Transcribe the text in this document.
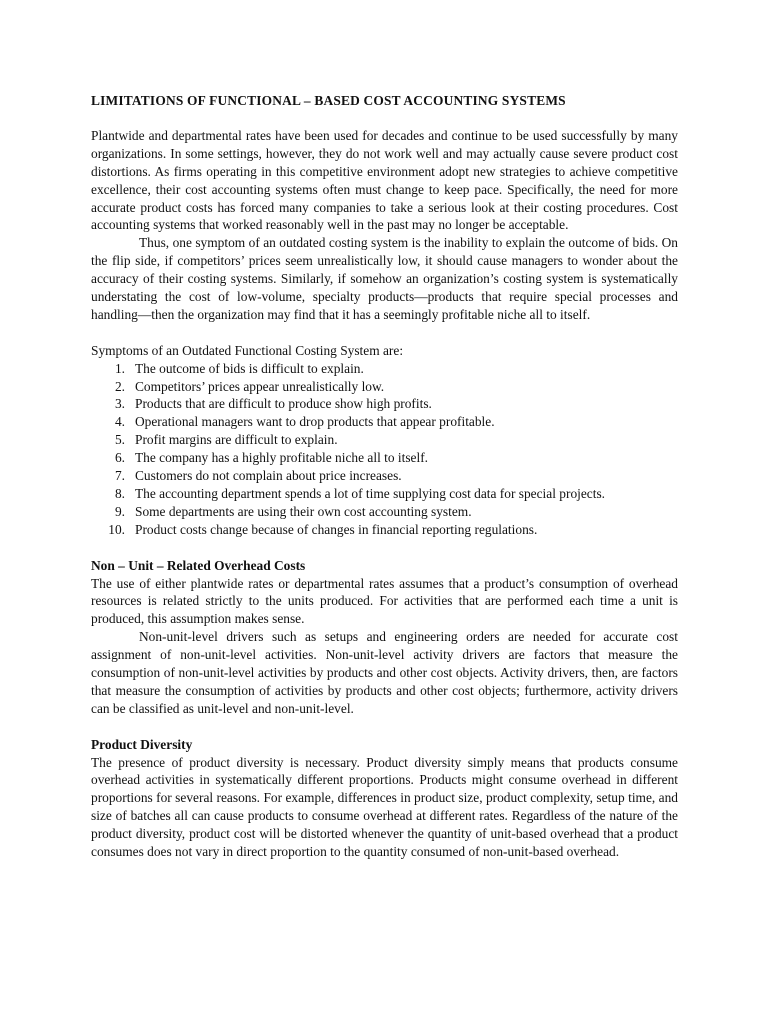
LIMITATIONS OF FUNCTIONAL – BASED COST ACCOUNTING SYSTEMS

Plantwide and departmental rates have been used for decades and continue to be used successfully by many organizations. In some settings, however, they do not work well and may actually cause severe product cost distortions. As firms operating in this competitive environment adopt new strategies to achieve competitive excellence, their cost accounting systems often must change to keep pace. Specifically, the need for more accurate product costs has forced many companies to take a serious look at their costing procedures. Cost accounting systems that worked reasonably well in the past may no longer be acceptable.

Thus, one symptom of an outdated costing system is the inability to explain the outcome of bids. On the flip side, if competitors’ prices seem unrealistically low, it should cause managers to wonder about the accuracy of their costing systems. Similarly, if somehow an organization’s costing system is systematically understating the cost of low-volume, specialty products—products that require special processes and handling—then the organization may find that it has a seemingly profitable niche all to itself.

Symptoms of an Outdated Functional Costing System are:

1. The outcome of bids is difficult to explain.
2. Competitors’ prices appear unrealistically low.
3. Products that are difficult to produce show high profits.
4. Operational managers want to drop products that appear profitable.
5. Profit margins are difficult to explain.
6. The company has a highly profitable niche all to itself.
7. Customers do not complain about price increases.
8. The accounting department spends a lot of time supplying cost data for special projects.
9. Some departments are using their own cost accounting system.
10. Product costs change because of changes in financial reporting regulations.
Non – Unit – Related Overhead Costs

The use of either plantwide rates or departmental rates assumes that a product’s consumption of overhead resources is related strictly to the units produced. For activities that are performed each time a unit is produced, this assumption makes sense.

Non-unit-level drivers such as setups and engineering orders are needed for accurate cost assignment of non-unit-level activities. Non-unit-level activity drivers are factors that measure the consumption of non-unit-level activities by products and other cost objects. Activity drivers, then, are factors that measure the consumption of activities by products and other cost objects; furthermore, activity drivers can be classified as unit-level and non-unit-level.

Product Diversity

The presence of product diversity is necessary. Product diversity simply means that products consume overhead activities in systematically different proportions. Products might consume overhead in different proportions for several reasons. For example, differences in product size, product complexity, setup time, and size of batches all can cause products to consume overhead at different rates. Regardless of the nature of the product diversity, product cost will be distorted whenever the quantity of unit-based overhead that a product consumes does not vary in direct proportion to the quantity consumed of non-unit-based overhead.
